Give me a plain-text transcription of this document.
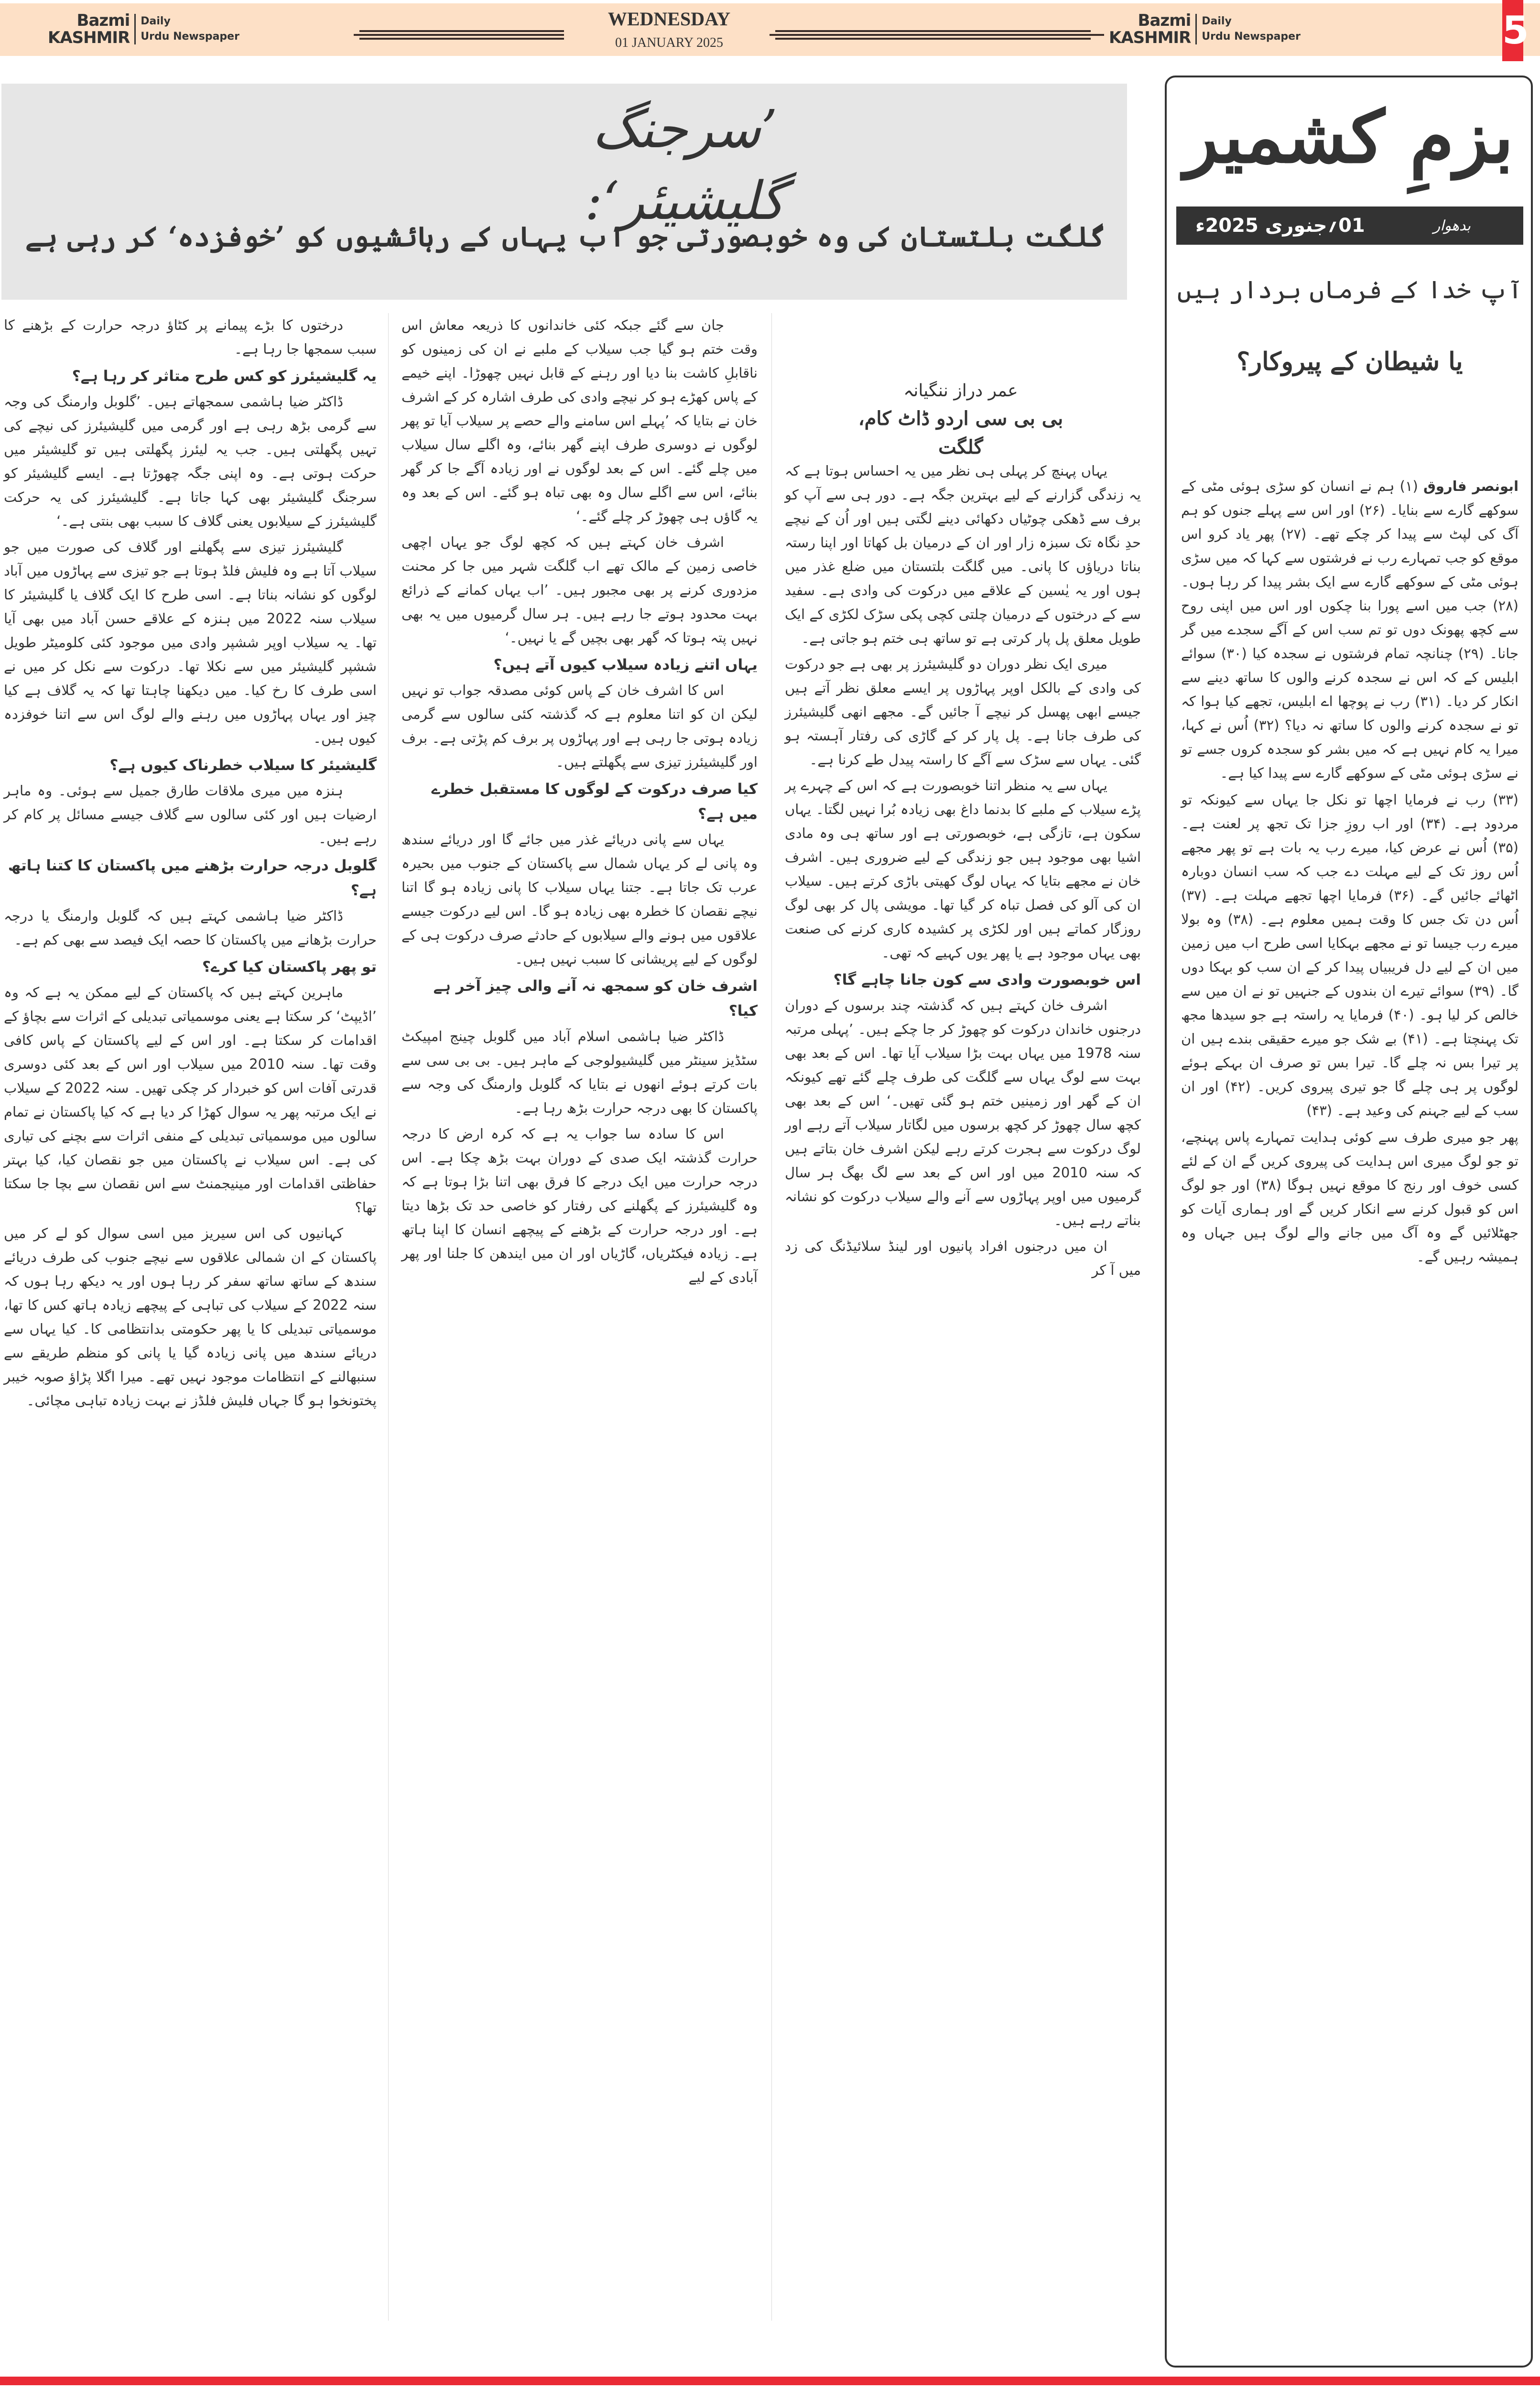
Bazmi
KASHMIR
Daily
Urdu Newspaper
WEDNESDAY
01 JANUARY 2025
Bazmi
KASHMIR
Daily
Urdu Newspaper	5
’سرجنگ گلیشیئر‘:
گلگت بلتستان کی وہ خوبصورتی جو اب یہاں کے رہائشیوں کو ’خوفزدہ‘ کر رہی ہے
عمر دراز ننگیانہ
بی بی سی اردو ڈاٹ کام، گلگت

یہاں پہنچ کر پہلی ہی نظر میں یہ احساس ہوتا ہے کہ یہ زندگی گزارنے کے لیے بہترین جگہ ہے۔ دور ہی سے آپ کو برف سے ڈھکی چوٹیاں دکھائی دینے لگتی ہیں اور اُن کے نیچے حدِ نگاہ تک سبزہ زار اور ان کے درمیان بل کھاتا اور اپنا رستہ بناتا دریاؤں کا پانی۔ میں گلگت بلتستان میں ضلع غذر میں ہوں اور یہ یٰسین کے علاقے میں درکوت کی وادی ہے۔ سفید سے کے درختوں کے درمیان چلتی کچی پکی سڑک لکڑی کے ایک طویل معلق پل پار کرتی ہے تو ساتھ ہی ختم ہو جاتی ہے۔

میری ایک نظر دوران دو گلیشیئرز پر بھی ہے جو درکوت کی وادی کے بالکل اوپر پہاڑوں پر ایسے معلق نظر آتے ہیں جیسے ابھی پھسل کر نیچے آ جائیں گے۔ مجھے انھی گلیشیئرز کی طرف جانا ہے۔ پل پار کر کے گاڑی کی رفتار آہستہ ہو گئی۔ یہاں سے سڑک سے آگے کا راستہ پیدل طے کرنا ہے۔

یہاں سے یہ منظر اتنا خوبصورت ہے کہ اس کے چہرے پر پڑے سیلاب کے ملبے کا بدنما داغ بھی زیادہ بُرا نہیں لگتا۔ یہاں سکون ہے، تازگی ہے، خوبصورتی ہے اور ساتھ ہی وہ مادی اشیا بھی موجود ہیں جو زندگی کے لیے ضروری ہیں۔ اشرف خان نے مجھے بتایا کہ یہاں لوگ کھیتی باڑی کرتے ہیں۔ سیلاب ان کی آلو کی فصل تباہ کر گیا تھا۔ مویشی پال کر بھی لوگ روزگار کماتے ہیں اور لکڑی پر کشیدہ کاری کرنے کی صنعت بھی یہاں موجود ہے یا پھر یوں کہیے کہ تھی۔

اس خوبصورت وادی سے کون جانا چاہے گا؟

اشرف خان کہتے ہیں کہ گذشتہ چند برسوں کے دوران درجنوں خاندان درکوت کو چھوڑ کر جا چکے ہیں۔ ’پہلی مرتبہ سنہ 1978 میں یہاں بہت بڑا سیلاب آیا تھا۔ اس کے بعد بھی بہت سے لوگ یہاں سے گلگت کی طرف چلے گئے تھے کیونکہ ان کے گھر اور زمینیں ختم ہو گئی تھیں۔‘ اس کے بعد بھی کچھ سال چھوڑ کر کچھ برسوں میں لگاتار سیلاب آتے رہے اور لوگ درکوت سے ہجرت کرتے رہے لیکن اشرف خان بتاتے ہیں کہ سنہ 2010 میں اور اس کے بعد سے لگ بھگ ہر سال گرمیوں میں اوپر پہاڑوں سے آنے والے سیلاب درکوت کو نشانہ بناتے رہے ہیں۔

ان میں درجنوں افراد پانیوں اور لینڈ سلائیڈنگ کی زد میں آ کر

جان سے گئے جبکہ کئی خاندانوں کا ذریعہ معاش اس وقت ختم ہو گیا جب سیلاب کے ملبے نے ان کی زمینوں کو ناقابلِ کاشت بنا دیا اور رہنے کے قابل نہیں چھوڑا۔ اپنے خیمے کے پاس کھڑے ہو کر نیچے وادی کی طرف اشارہ کر کے اشرف خان نے بتایا کہ ’پہلے اس سامنے والے حصے پر سیلاب آیا تو پھر لوگوں نے دوسری طرف اپنے گھر بنائے، وہ اگلے سال سیلاب میں چلے گئے۔ اس کے بعد لوگوں نے اور زیادہ آگے جا کر گھر بنائے، اس سے اگلے سال وہ بھی تباہ ہو گئے۔ اس کے بعد وہ یہ گاؤں ہی چھوڑ کر چلے گئے۔‘

اشرف خان کہتے ہیں کہ کچھ لوگ جو یہاں اچھی خاصی زمین کے مالک تھے اب گلگت شہر میں جا کر محنت مزدوری کرنے پر بھی مجبور ہیں۔ ’اب یہاں کمانے کے ذرائع بہت محدود ہوتے جا رہے ہیں۔ ہر سال گرمیوں میں یہ بھی نہیں پتہ ہوتا کہ گھر بھی بچیں گے یا نہیں۔‘

یہاں اتنے زیادہ سیلاب کیوں آتے ہیں؟

اس کا اشرف خان کے پاس کوئی مصدقہ جواب تو نہیں لیکن ان کو اتنا معلوم ہے کہ گذشتہ کئی سالوں سے گرمی زیادہ ہوتی جا رہی ہے اور پہاڑوں پر برف کم پڑتی ہے۔ برف اور گلیشیئرز تیزی سے پگھلتے ہیں۔

کیا صرف درکوت کے لوگوں کا مستقبل خطرے میں ہے؟

یہاں سے پانی دریائے غذر میں جائے گا اور دریائے سندھ وہ پانی لے کر یہاں شمال سے پاکستان کے جنوب میں بحیرہ عرب تک جاتا ہے۔ جتنا یہاں سیلاب کا پانی زیادہ ہو گا اتنا نیچے نقصان کا خطرہ بھی زیادہ ہو گا۔ اس لیے درکوت جیسے علاقوں میں ہونے والے سیلابوں کے حادثے صرف درکوت ہی کے لوگوں کے لیے پریشانی کا سبب نہیں ہیں۔

اشرف خان کو سمجھ نہ آنے والی چیز آخر ہے کیا؟

ڈاکٹر ضیا ہاشمی اسلام آباد میں گلوبل چینج امپیکٹ سٹڈیز سینٹر میں گلیشیولوجی کے ماہر ہیں۔ بی بی سی سے بات کرتے ہوئے انھوں نے بتایا کہ گلوبل وارمنگ کی وجہ سے پاکستان کا بھی درجہ حرارت بڑھ رہا ہے۔

اس کا سادہ سا جواب یہ ہے کہ کرہ ارض کا درجہ حرارت گذشتہ ایک صدی کے دوران بہت بڑھ چکا ہے۔ اس درجہ حرارت میں ایک درجے کا فرق بھی اتنا بڑا ہوتا ہے کہ وہ گلیشیئرز کے پگھلنے کی رفتار کو خاصی حد تک بڑھا دیتا ہے۔ اور درجہ حرارت کے بڑھنے کے پیچھے انسان کا اپنا ہاتھ ہے۔ زیادہ فیکٹریاں، گاڑیاں اور ان میں ایندھن کا جلنا اور پھر آبادی کے لیے

درختوں کا بڑے پیمانے پر کٹاؤ درجہ حرارت کے بڑھنے کا سبب سمجھا جا رہا ہے۔

یہ گلیشیئرز کو کس طرح متاثر کر رہا ہے؟

ڈاکٹر ضیا ہاشمی سمجھاتے ہیں۔ ’گلوبل وارمنگ کی وجہ سے گرمی بڑھ رہی ہے اور گرمی میں گلیشیئرز کی نیچے کی تہیں پگھلتی ہیں۔ جب یہ لیئرز پگھلتی ہیں تو گلیشیئر میں حرکت ہوتی ہے۔ وہ اپنی جگہ چھوڑتا ہے۔ ایسے گلیشیئر کو سرجنگ گلیشیئر بھی کہا جاتا ہے۔ گلیشیئرز کی یہ حرکت گلیشیئرز کے سیلابوں یعنی گلاف کا سبب بھی بنتی ہے۔‘

گلیشیئرز تیزی سے پگھلنے اور گلاف کی صورت میں جو سیلاب آتا ہے وہ فلیش فلڈ ہوتا ہے جو تیزی سے پہاڑوں میں آباد لوگوں کو نشانہ بناتا ہے۔ اسی طرح کا ایک گلاف یا گلیشیئر کا سیلاب سنہ 2022 میں ہنزہ کے علاقے حسن آباد میں بھی آیا تھا۔ یہ سیلاب اوپر ششپر وادی میں موجود کئی کلومیٹر طویل ششپر گلیشیئر میں سے نکلا تھا۔ درکوت سے نکل کر میں نے اسی طرف کا رخ کیا۔ میں دیکھنا چاہتا تھا کہ یہ گلاف ہے کیا چیز اور یہاں پہاڑوں میں رہنے والے لوگ اس سے اتنا خوفزدہ کیوں ہیں۔

گلیشیئر کا سیلاب خطرناک کیوں ہے؟

ہنزہ میں میری ملاقات طارق جمیل سے ہوئی۔ وہ ماہر ارضیات ہیں اور کئی سالوں سے گلاف جیسے مسائل پر کام کر رہے ہیں۔

گلوبل درجہ حرارت بڑھنے میں پاکستان کا کتنا ہاتھ ہے؟

ڈاکٹر ضیا ہاشمی کہتے ہیں کہ گلوبل وارمنگ یا درجہ حرارت بڑھانے میں پاکستان کا حصہ ایک فیصد سے بھی کم ہے۔

تو پھر پاکستان کیا کرے؟

ماہرین کہتے ہیں کہ پاکستان کے لیے ممکن یہ ہے کہ وہ ’اڈیپٹ‘ کر سکتا ہے یعنی موسمیاتی تبدیلی کے اثرات سے بچاؤ کے اقدامات کر سکتا ہے۔ اور اس کے لیے پاکستان کے پاس کافی وقت تھا۔ سنہ 2010 میں سیلاب اور اس کے بعد کئی دوسری قدرتی آفات اس کو خبردار کر چکی تھیں۔ سنہ 2022 کے سیلاب نے ایک مرتبہ پھر یہ سوال کھڑا کر دیا ہے کہ کیا پاکستان نے تمام سالوں میں موسمیاتی تبدیلی کے منفی اثرات سے بچنے کی تیاری کی ہے۔ اس سیلاب نے پاکستان میں جو نقصان کیا، کیا بہتر حفاظتی اقدامات اور مینیجمنٹ سے اس نقصان سے بچا جا سکتا تھا؟

کہانیوں کی اس سیریز میں اسی سوال کو لے کر میں پاکستان کے ان شمالی علاقوں سے نیچے جنوب کی طرف دریائے سندھ کے ساتھ ساتھ سفر کر رہا ہوں اور یہ دیکھ رہا ہوں کہ سنہ 2022 کے سیلاب کی تباہی کے پیچھے زیادہ ہاتھ کس کا تھا، موسمیاتی تبدیلی کا یا پھر حکومتی بدانتظامی کا۔ کیا یہاں سے دریائے سندھ میں پانی زیادہ گیا یا پانی کو منظم طریقے سے سنبھالنے کے انتظامات موجود نہیں تھے۔ میرا اگلا پڑاؤ صوبہ خیبر پختونخوا ہو گا جہاں فلیش فلڈز نے بہت زیادہ تباہی مچائی۔

بزمِ کشمیر
بدھوار
01؍جنوری 2025ء
آپ خدا کے فرماں بردار ہیں
یا شیطان کے پیروکار؟

ابونصر فاروق (۱) ہم نے انسان کو سڑی ہوئی مٹی کے سوکھے گارے سے بنایا۔ (۲۶) اور اس سے پہلے جنوں کو ہم آگ کی لپٹ سے پیدا کر چکے تھے۔ (۲۷) پھر یاد کرو اس موقع کو جب تمہارے رب نے فرشتوں سے کہا کہ میں سڑی ہوئی مٹی کے سوکھے گارے سے ایک بشر پیدا کر رہا ہوں۔ (۲۸) جب میں اسے پورا بنا چکوں اور اس میں اپنی روح سے کچھ پھونک دوں تو تم سب اس کے آگے سجدے میں گر جانا۔ (۲۹) چنانچہ تمام فرشتوں نے سجدہ کیا (۳۰) سوائے ابلیس کے کہ اس نے سجدہ کرنے والوں کا ساتھ دینے سے انکار کر دیا۔ (۳۱) رب نے پوچھا اے ابلیس، تجھے کیا ہوا کہ تو نے سجدہ کرنے والوں کا ساتھ نہ دیا؟ (۳۲) اُس نے کہا، میرا یہ کام نہیں ہے کہ میں بشر کو سجدہ کروں جسے تو نے سڑی ہوئی مٹی کے سوکھے گارے سے پیدا کیا ہے۔

(۳۳) رب نے فرمایا اچھا تو نکل جا یہاں سے کیونکہ تو مردود ہے۔ (۳۴) اور اب روزِ جزا تک تجھ پر لعنت ہے۔ (۳۵) اُس نے عرض کیا، میرے رب یہ بات ہے تو پھر مجھے اُس روز تک کے لیے مہلت دے جب کہ سب انسان دوبارہ اٹھائے جائیں گے۔ (۳۶) فرمایا اچھا تجھے مہلت ہے۔ (۳۷) اُس دن تک جس کا وقت ہمیں معلوم ہے۔ (۳۸) وہ بولا میرے رب جیسا تو نے مجھے بہکایا اسی طرح اب میں زمین میں ان کے لیے دل فریبیاں پیدا کر کے ان سب کو بہکا دوں گا۔ (۳۹) سوائے تیرے ان بندوں کے جنہیں تو نے ان میں سے خالص کر لیا ہو۔ (۴۰) فرمایا یہ راستہ ہے جو سیدھا مجھ تک پہنچتا ہے۔ (۴۱) بے شک جو میرے حقیقی بندے ہیں ان پر تیرا بس نہ چلے گا۔ تیرا بس تو صرف ان بہکے ہوئے لوگوں پر ہی چلے گا جو تیری پیروی کریں۔ (۴۲) اور ان سب کے لیے جہنم کی وعید ہے۔ (۴۳)

پھر جو میری طرف سے کوئی ہدایت تمہارے پاس پہنچے، تو جو لوگ میری اس ہدایت کی پیروی کریں گے ان کے لئے کسی خوف اور رنج کا موقع نہیں ہوگا (۳۸) اور جو لوگ اس کو قبول کرنے سے انکار کریں گے اور ہماری آیات کو جھٹلائیں گے وہ آگ میں جانے والے لوگ ہیں جہاں وہ ہمیشہ رہیں گے۔
